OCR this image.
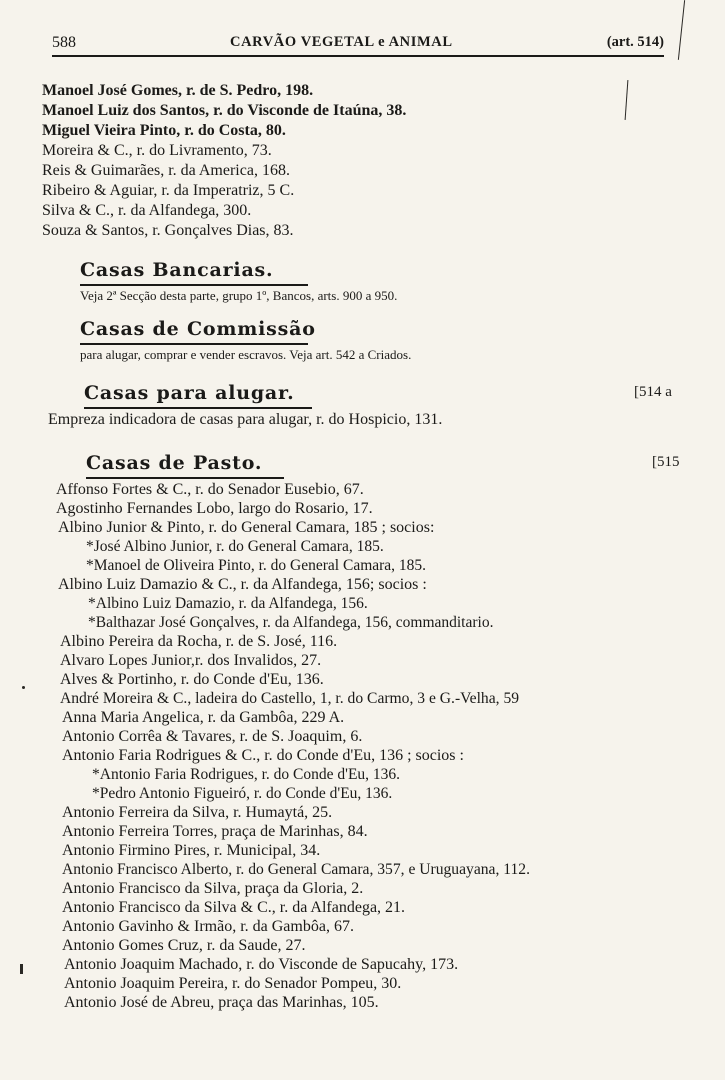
588	CARVÃO VEGETAL e ANIMAL	(art. 514)
Manoel José Gomes, r. de S. Pedro, 198.
Manoel Luiz dos Santos, r. do Visconde de Itaúna, 38.
Miguel Vieira Pinto, r. do Costa, 80.
Moreira & C., r. do Livramento, 73.
Reis & Guimarães, r. da America, 168.
Ribeiro & Aguiar, r. da Imperatriz, 5 C.
Silva & C., r. da Alfandega, 300.
Souza & Santos, r. Gonçalves Dias, 83.
Casas Bancarias.
Veja 2ª Secção desta parte, grupo 1º, Bancos, arts. 900 a 950.
Casas de Commissão
para alugar, comprar e vender escravos. Veja art. 542 a Criados.
Casas para alugar.	[514 a
Empreza indicadora de casas para alugar, r. do Hospicio, 131.
Casas de Pasto.	[515
Affonso Fortes & C., r. do Senador Eusebio, 67.
Agostinho Fernandes Lobo, largo do Rosario, 17.
Albino Junior & Pinto, r. do General Camara, 185 ; socios:
*José Albino Junior, r. do General Camara, 185.
*Manoel de Oliveira Pinto, r. do General Camara, 185.
Albino Luiz Damazio & C., r. da Alfandega, 156; socios :
*Albino Luiz Damazio, r. da Alfandega, 156.
*Balthazar José Gonçalves, r. da Alfandega, 156, commanditario.
Albino Pereira da Rocha, r. de S. José, 116.
Alvaro Lopes Junior,r. dos Invalidos, 27.
Alves & Portinho, r. do Conde d'Eu, 136.
André Moreira & C., ladeira do Castello, 1, r. do Carmo, 3 e G.-Velha, 59
Anna Maria Angelica, r. da Gambôa, 229 A.
Antonio Corrêa & Tavares, r. de S. Joaquim, 6.
Antonio Faria Rodrigues & C., r. do Conde d'Eu, 136 ; socios :
*Antonio Faria Rodrigues, r. do Conde d'Eu, 136.
*Pedro Antonio Figueiró, r. do Conde d'Eu, 136.
Antonio Ferreira da Silva, r. Humaytá, 25.
Antonio Ferreira Torres, praça de Marinhas, 84.
Antonio Firmino Pires, r. Municipal, 34.
Antonio Francisco Alberto, r. do General Camara, 357, e Uruguayana, 112.
Antonio Francisco da Silva, praça da Gloria, 2.
Antonio Francisco da Silva & C., r. da Alfandega, 21.
Antonio Gavinho & Irmão, r. da Gambôa, 67.
Antonio Gomes Cruz, r. da Saude, 27.
Antonio Joaquim Machado, r. do Visconde de Sapucahy, 173.
Antonio Joaquim Pereira, r. do Senador Pompeu, 30.
Antonio José de Abreu, praça das Marinhas, 105.
